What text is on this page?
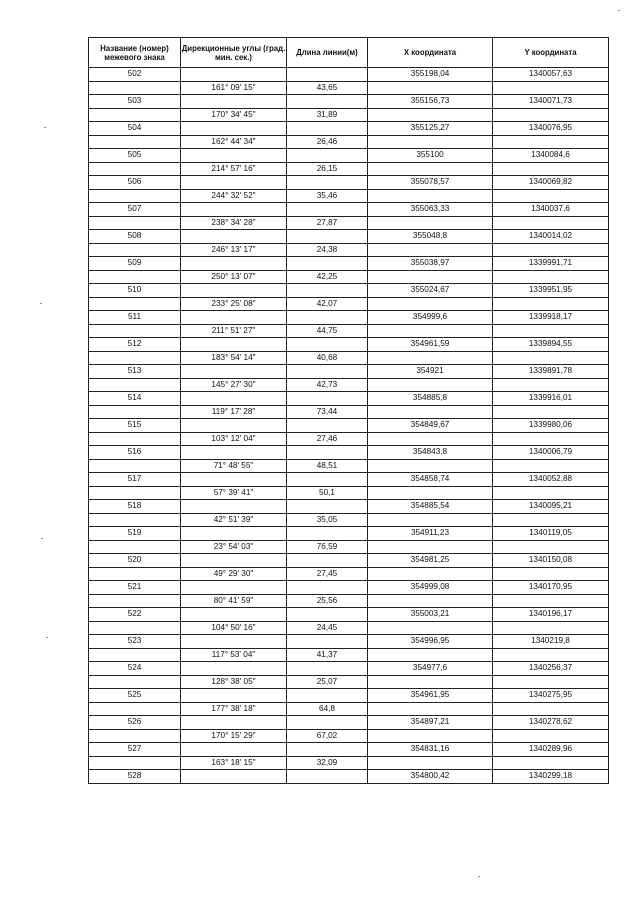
Название (номер) межевого знака	Дирекционные углы (град. мин. сек.)	Длина линии(м)	X координата	Y координата
502			355198,04	1340057,63
	161° 09' 15"	43,65		
503			355156,73	1340071,73
	170° 34' 45"	31,89		
504			355125,27	1340076,95
	162° 44' 34"	26,46		
505			355100	1340084,6
	214° 57' 16"	26,15		
506			355078,57	1340069,82
	244° 32' 52"	35,46		
507			355063,33	1340037,6
	238° 34' 28"	27,87		
508			355048,8	1340014,02
	246° 13' 17"	24,38		
509			355038,97	1339991,71
	250° 13' 07"	42,25		
510			355024,67	1339951,95
	233° 25' 08"	42,07		
511			354999,6	1339918,17
	211° 51' 27"	44,75		
512			354961,59	1339894,55
	183° 54' 14"	40,68		
513			354921	1339891,78
	145° 27' 30"	42,73		
514			354885,8	1339916,01
	119° 17' 28"	73,44		
515			354849,67	1339980,06
	103° 12' 04"	27,46		
516			354843,8	1340006,79
	71° 48' 55"	48,51		
517			354858,74	1340052,88
	57° 39' 41"	50,1		
518			354885,54	1340095,21
	42° 51' 39"	35,05		
519			354911,23	1340119,05
	23° 54' 03"	76,59		
520			354981,25	1340150,08
	49° 29' 30"	27,45		
521			354999,08	1340170,95
	80° 41' 59"	25,56		
522			355003,21	1340196,17
	104° 50' 16"	24,45		
523			354996,95	1340219,8
	117° 53' 04"	41,37		
524			354977,6	1340256,37
	128° 38' 05"	25,07		
525			354961,95	1340275,95
	177° 38' 18"	64,8		
526			354897,21	1340278,62
	170° 15' 29"	67,02		
527			354831,16	1340289,96
	163° 18' 15"	32,09		
528			354800,42	1340299,18
